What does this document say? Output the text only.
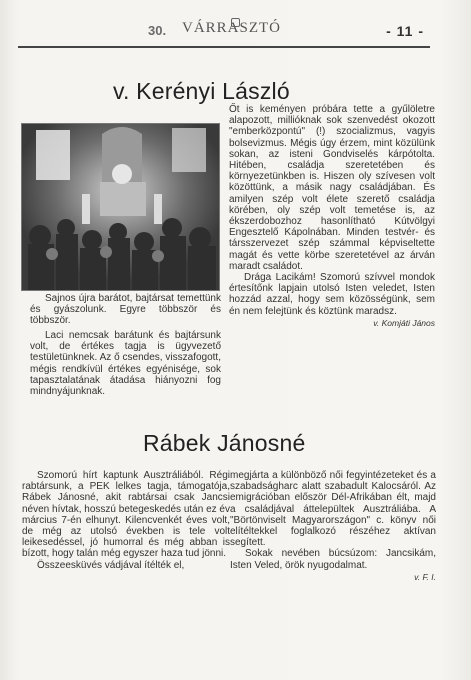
30. VÁRRASZTÓ	- 11 -
v. Kerényi László

Sajnos újra barátot, bajtársat temettünk és gyászolunk. Egyre többször és többször.

Laci nemcsak barátunk és bajtársunk volt, de értékes tagja is ügyvezető testületünknek. Az ő csendes, visszafogott, mégis rendkívül értékes egyénisége, sok tapasztalatának átadása hiányozni fog mindnyájunknak.

Őt is keményen próbára tette a gyűlöletre alapozott, millióknak sok szenvedést okozott "emberközpontú" (!) szocializmus, vagyis bolsevizmus. Mégis úgy érzem, mint közülünk sokan, az isteni Gondviselés kárpótolta. Hitében, családja szeretetében és környezetünkben is. Hiszen oly szívesen volt közöttünk, a másik nagy családjában. És amilyen szép volt élete szerető családja körében, oly szép volt temetése is, az ékszerdobozhoz hasonlítható Kútvölgyi Engesztelő Kápolnában. Minden testvér- és társszervezet szép számmal képviseltette magát és vette körbe szeretetével az árván maradt családot.

Drága Lacikám! Szomorú szívvel mondok értesítőnk lapjain utolsó Isten veledet, Isten hozzád azzal, hogy sem közösségünk, sem én nem felejtünk és köztünk maradsz.

v. Komjáti János
Rábek Jánosné

Szomorú hírt kaptunk Ausztráliából. Régi rabtársunk, a PEK lelkes tagja, támogatója, Rábek Jánosné, akit rabtársai csak Jancsi néven hívtak, hosszú betegeskedés után ez év március 7-én elhunyt. Kilencvenkét éves volt, de még az utolsó években is tele volt leikesedéssel, jó humorral és még abban is bízott, hogy talán még egyszer haza tud jönni.

Összeesküvés vádjával ítélték el,

megjárta a különböző női fegyintézeteket és a szabadságharc alatt szabadult Kalocsáról. Az emigrációban először Dél-Afrikában élt, majd a családjával áttelepültek Ausztráliába. A "Börtönviselt Magyarországon" c. könyv női elítéltekkel foglalkozó részéhez aktívan segített.

Sokak nevében búcsúzom: Jancsikám, Isten Veled, örök nyugodalmat.

v. F. I.
